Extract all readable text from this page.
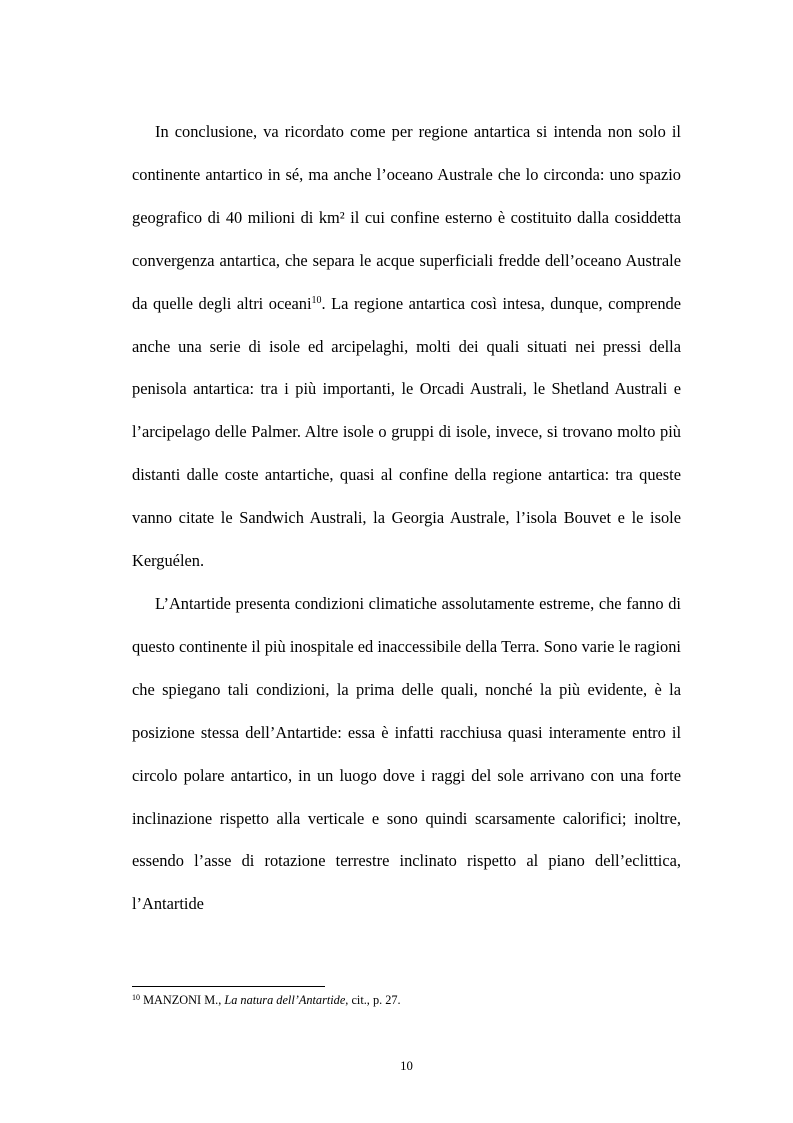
In conclusione, va ricordato come per regione antartica si intenda non solo il continente antartico in sé, ma anche l’oceano Australe che lo circonda: uno spazio geografico di 40 milioni di km² il cui confine esterno è costituito dalla cosiddetta convergenza antartica, che separa le acque superficiali fredde dell’oceano Australe da quelle degli altri oceani$^{10}$. La regione antartica così intesa, dunque, comprende anche una serie di isole ed arcipelaghi, molti dei quali situati nei pressi della penisola antartica: tra i più importanti, le Orcadi Australi, le Shetland Australi e l’arcipelago delle Palmer. Altre isole o gruppi di isole, invece, si trovano molto più distanti dalle coste antartiche, quasi al confine della regione antartica: tra queste vanno citate le Sandwich Australi, la Georgia Australe, l’isola Bouvet e le isole Kerguélen.

L’Antartide presenta condizioni climatiche assolutamente estreme, che fanno di questo continente il più inospitale ed inaccessibile della Terra. Sono varie le ragioni che spiegano tali condizioni, la prima delle quali, nonché la più evidente, è la posizione stessa dell’Antartide: essa è infatti racchiusa quasi interamente entro il circolo polare antartico, in un luogo dove i raggi del sole arrivano con una forte inclinazione rispetto alla verticale e sono quindi scarsamente calorifici; inoltre, essendo l’asse di rotazione terrestre inclinato rispetto al piano dell’eclittica, l’Antartide

$^{10}$ MANZONI M., La natura dell’Antartide, cit., p. 27.
10
